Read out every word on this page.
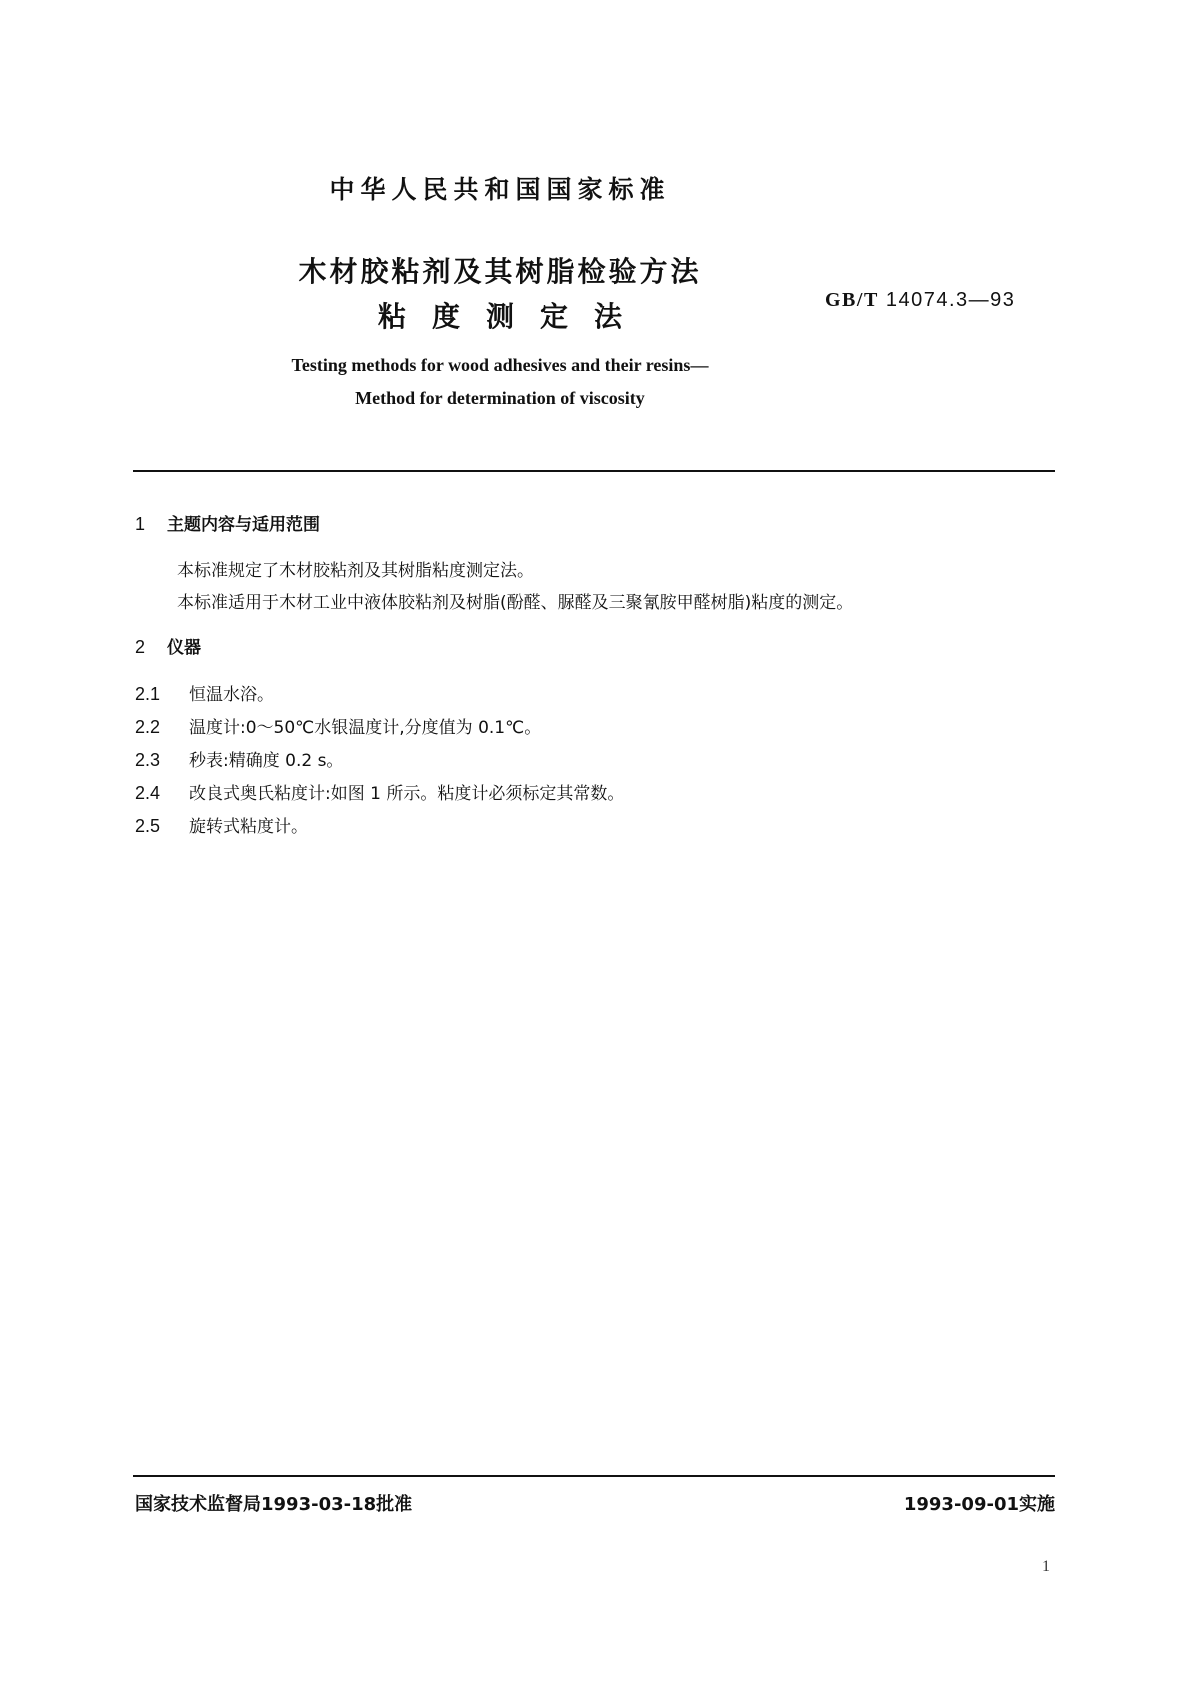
中华人民共和国国家标准
木材胶粘剂及其树脂检验方法
粘度测定法	GB/T 14074.3—93
Testing methods for wood adhesives and their resins—
Method for determination of viscosity
1 主题内容与适用范围
本标准规定了木材胶粘剂及其树脂粘度测定法。
本标准适用于木材工业中液体胶粘剂及树脂(酚醛、脲醛及三聚氰胺甲醛树脂)粘度的测定。
2 仪器
2.1 恒温水浴。
2.2 温度计:0～50℃水银温度计,分度值为 0.1℃。
2.3 秒表:精确度 0.2 s。
2.4 改良式奥氏粘度计:如图 1 所示。粘度计必须标定其常数。
2.5 旋转式粘度计。
国家技术监督局1993-03-18批准	1993-09-01实施
1
